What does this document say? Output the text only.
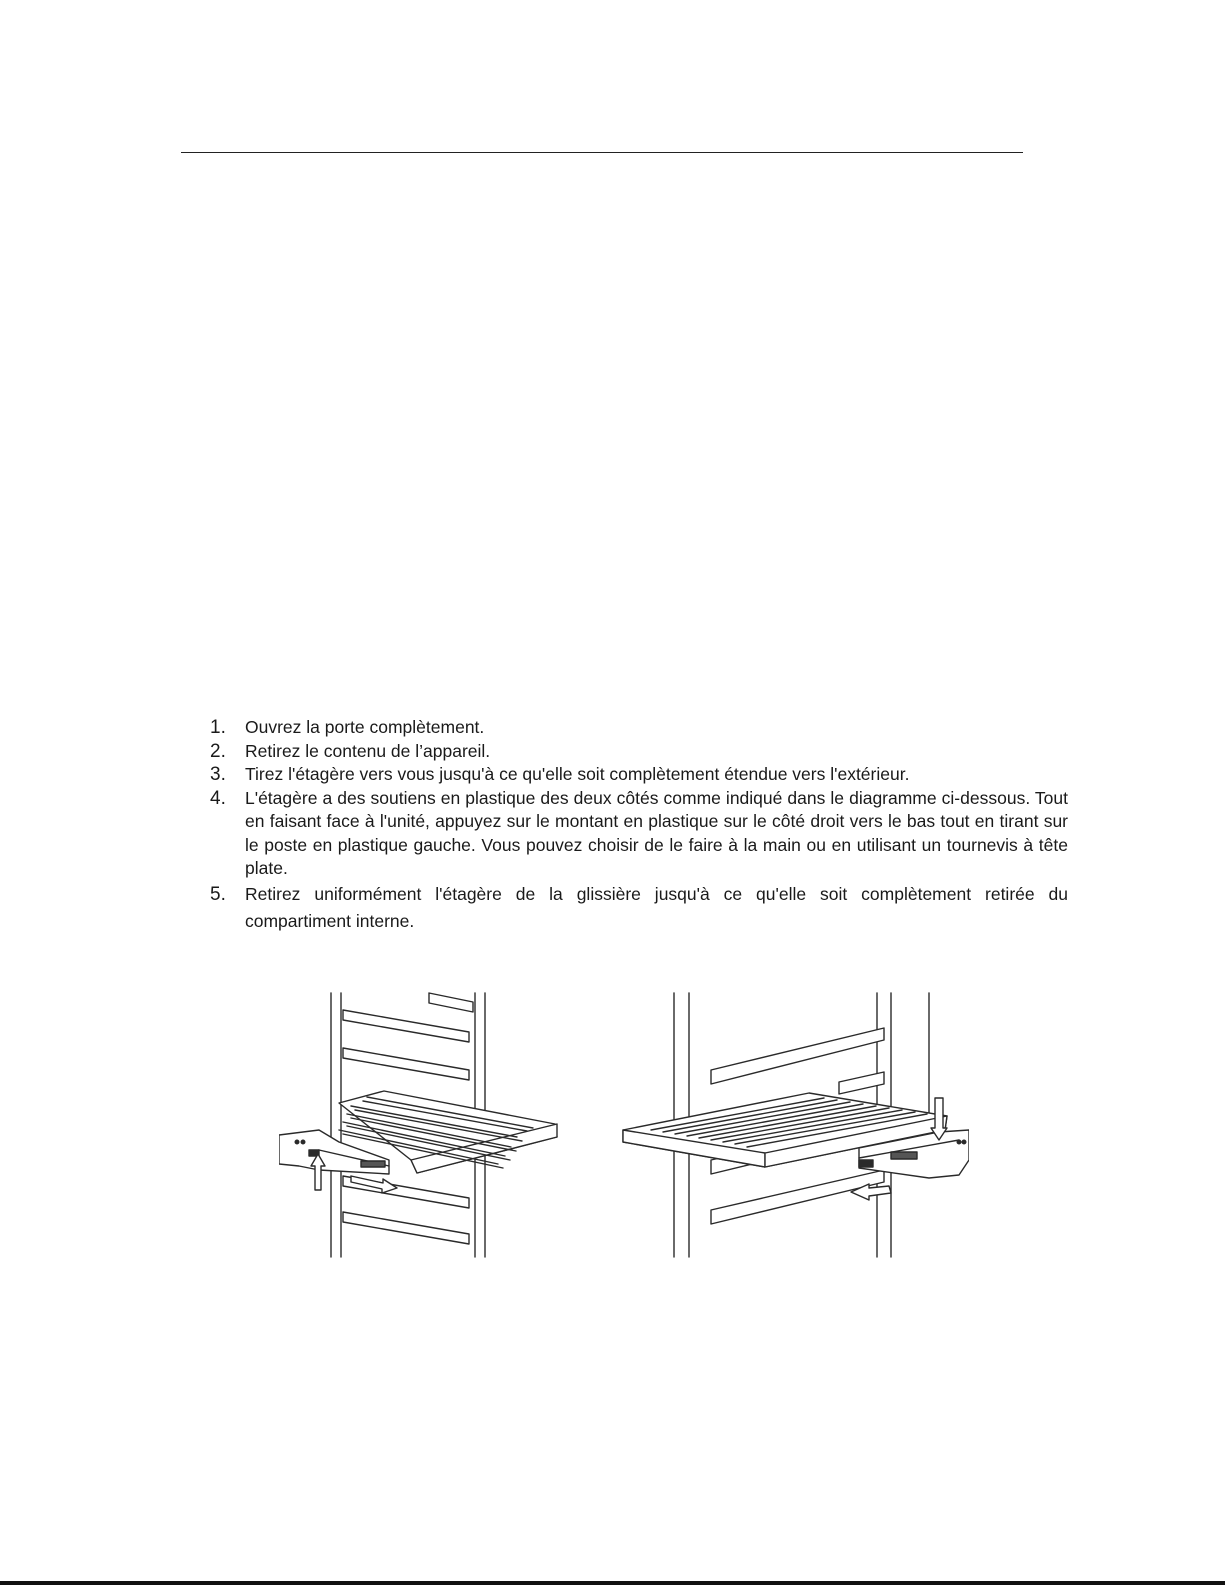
1. Ouvrez la porte complètement.
2. Retirez le contenu de l’appareil.
3. Tirez l'étagère vers vous jusqu'à ce qu'elle soit complètement étendue vers l'extérieur.
4. L'étagère a des soutiens en plastique des deux côtés comme indiqué dans le diagramme ci-dessous. Tout en faisant face à l'unité, appuyez sur le montant en plastique sur le côté droit vers le bas tout en tirant sur le poste en plastique gauche. Vous pouvez choisir de le faire à la main ou en utilisant un tournevis à tête plate.
5. Retirez uniformément l'étagère de la glissière jusqu'à ce qu'elle soit complètement retirée du compartiment interne.
